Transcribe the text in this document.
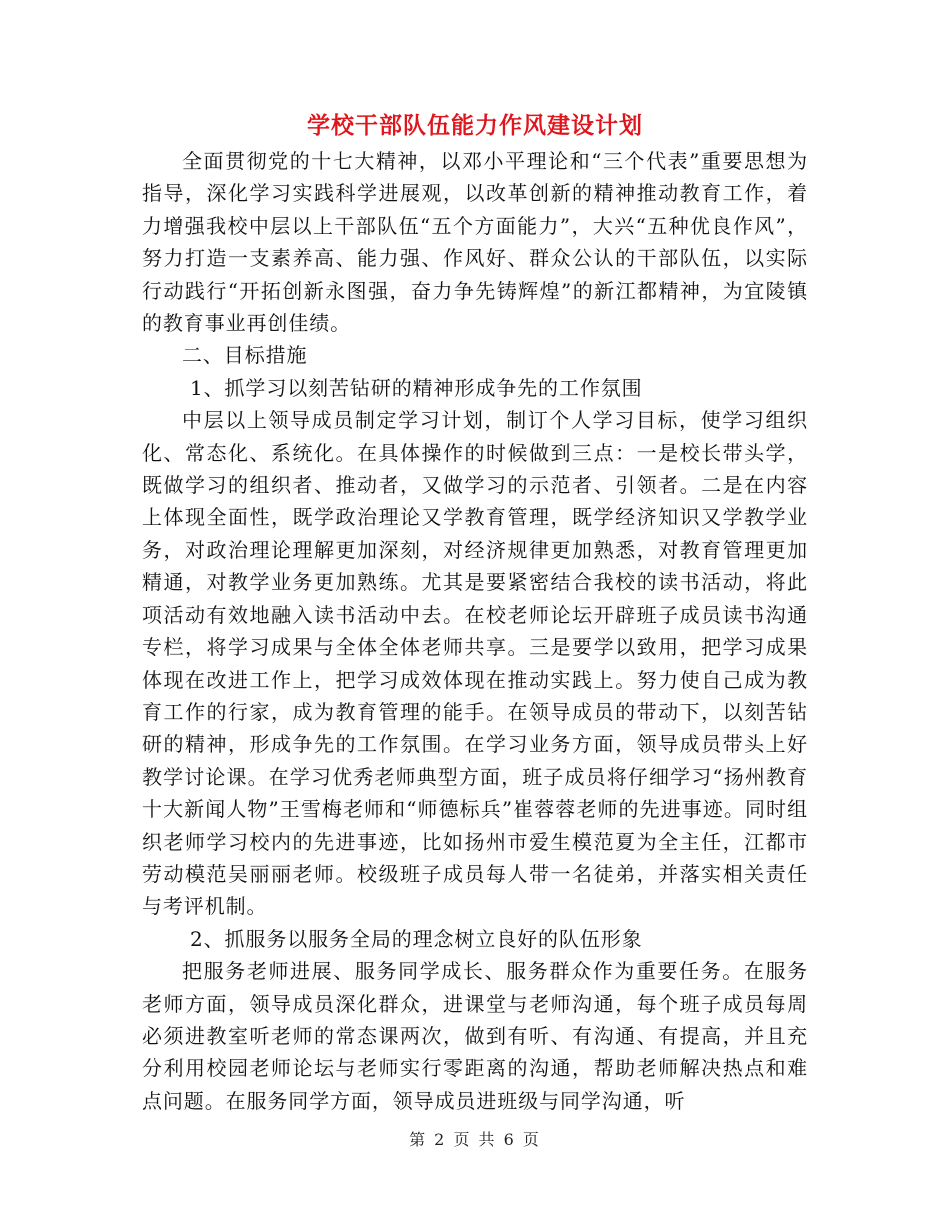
学校干部队伍能力作风建设计划

全面贯彻党的十七大精神，以邓小平理论和“三个代表”重要思想为指导，深化学习实践科学进展观，以改革创新的精神推动教育工作，着力增强我校中层以上干部队伍“五个方面能力”，大兴“五种优良作风”，努力打造一支素养高、能力强、作风好、群众公认的干部队伍，以实际行动践行“开拓创新永图强，奋力争先铸辉煌”的新江都精神，为宜陵镇的教育事业再创佳绩。

二、目标措施

1、抓学习以刻苦钻研的精神形成争先的工作氛围

中层以上领导成员制定学习计划，制订个人学习目标，使学习组织化、常态化、系统化。在具体操作的时候做到三点：一是校长带头学，既做学习的组织者、推动者，又做学习的示范者、引领者。二是在内容上体现全面性，既学政治理论又学教育管理，既学经济知识又学教学业务，对政治理论理解更加深刻，对经济规律更加熟悉，对教育管理更加精通，对教学业务更加熟练。尤其是要紧密结合我校的读书活动，将此项活动有效地融入读书活动中去。在校老师论坛开辟班子成员读书沟通专栏，将学习成果与全体全体老师共享。三是要学以致用，把学习成果体现在改进工作上，把学习成效体现在推动实践上。努力使自己成为教育工作的行家，成为教育管理的能手。在领导成员的带动下，以刻苦钻研的精神，形成争先的工作氛围。在学习业务方面，领导成员带头上好教学讨论课。在学习优秀老师典型方面，班子成员将仔细学习“扬州教育十大新闻人物”王雪梅老师和“师德标兵”崔蓉蓉老师的先进事迹。同时组织老师学习校内的先进事迹，比如扬州市爱生模范夏为全主任，江都市劳动模范吴丽丽老师。校级班子成员每人带一名徒弟，并落实相关责任与考评机制。

2、抓服务以服务全局的理念树立良好的队伍形象

把服务老师进展、服务同学成长、服务群众作为重要任务。在服务老师方面，领导成员深化群众，进课堂与老师沟通，每个班子成员每周必须进教室听老师的常态课两次，做到有听、有沟通、有提高，并且充分利用校园老师论坛与老师实行零距离的沟通，帮助老师解决热点和难点问题。在服务同学方面，领导成员进班级与同学沟通，听

第 2 页 共 6 页
